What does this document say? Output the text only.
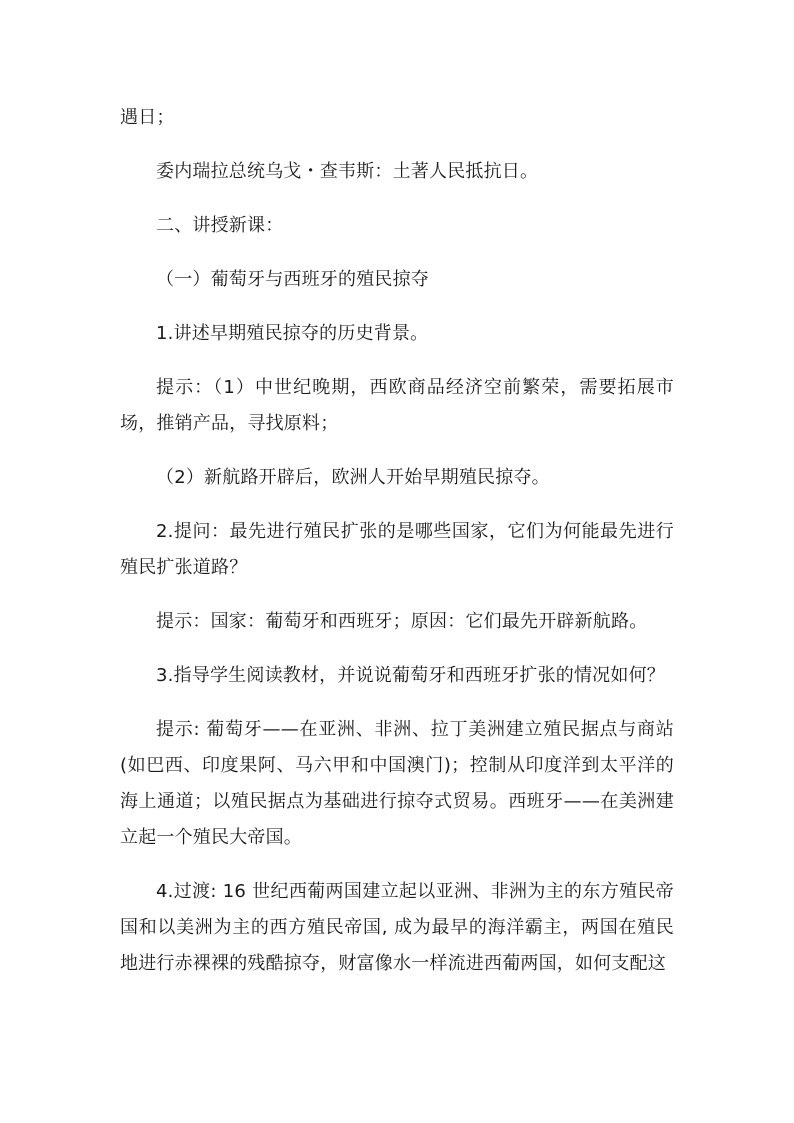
遇日；

委内瑞拉总统乌戈・查韦斯：土著人民抵抗日。

二、讲授新课：

（一）葡萄牙与西班牙的殖民掠夺

1.讲述早期殖民掠夺的历史背景。

提示：（1）中世纪晚期，西欧商品经济空前繁荣，需要拓展市场，推销产品，寻找原料；

（2）新航路开辟后，欧洲人开始早期殖民掠夺。

2.提问：最先进行殖民扩张的是哪些国家，它们为何能最先进行殖民扩张道路？

提示：国家：葡萄牙和西班牙；原因：它们最先开辟新航路。

3.指导学生阅读教材，并说说葡萄牙和西班牙扩张的情况如何？

提示: 葡萄牙——在亚洲、非洲、拉丁美洲建立殖民据点与商站(如巴西、印度果阿、马六甲和中国澳门)；控制从印度洋到太平洋的海上通道；以殖民据点为基础进行掠夺式贸易。西班牙——在美洲建立起一个殖民大帝国。

4.过渡: 16 世纪西葡两国建立起以亚洲、非洲为主的东方殖民帝国和以美洲为主的西方殖民帝国, 成为最早的海洋霸主，两国在殖民地进行赤裸裸的残酷掠夺，财富像水一样流进西葡两国，如何支配这
